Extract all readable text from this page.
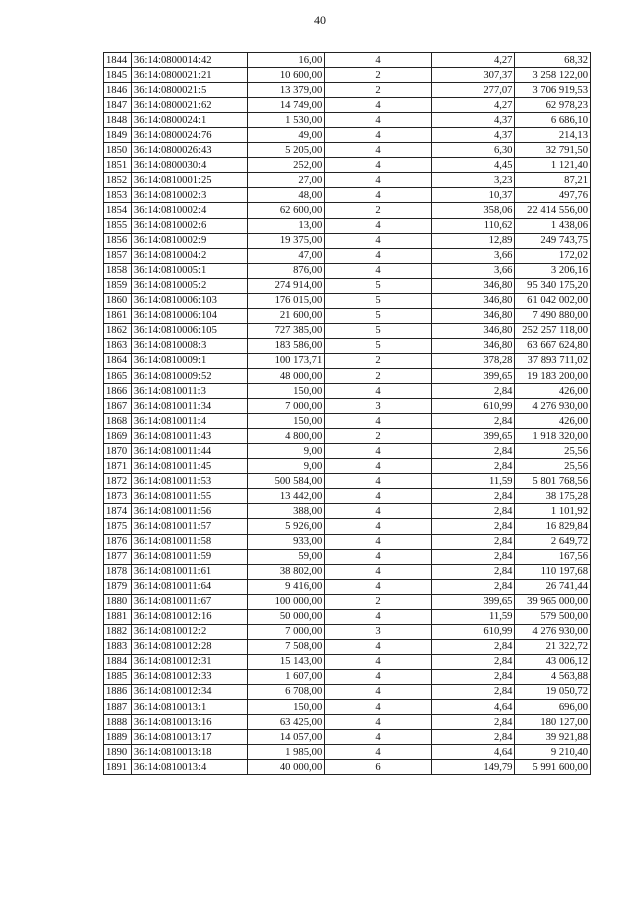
40
1844	36:14:0800014:42	16,00	4	4,27	68,32
1845	36:14:0800021:21	10 600,00	2	307,37	3 258 122,00
1846	36:14:0800021:5	13 379,00	2	277,07	3 706 919,53
1847	36:14:0800021:62	14 749,00	4	4,27	62 978,23
1848	36:14:0800024:1	1 530,00	4	4,37	6 686,10
1849	36:14:0800024:76	49,00	4	4,37	214,13
1850	36:14:0800026:43	5 205,00	4	6,30	32 791,50
1851	36:14:0800030:4	252,00	4	4,45	1 121,40
1852	36:14:0810001:25	27,00	4	3,23	87,21
1853	36:14:0810002:3	48,00	4	10,37	497,76
1854	36:14:0810002:4	62 600,00	2	358,06	22 414 556,00
1855	36:14:0810002:6	13,00	4	110,62	1 438,06
1856	36:14:0810002:9	19 375,00	4	12,89	249 743,75
1857	36:14:0810004:2	47,00	4	3,66	172,02
1858	36:14:0810005:1	876,00	4	3,66	3 206,16
1859	36:14:0810005:2	274 914,00	5	346,80	95 340 175,20
1860	36:14:0810006:103	176 015,00	5	346,80	61 042 002,00
1861	36:14:0810006:104	21 600,00	5	346,80	7 490 880,00
1862	36:14:0810006:105	727 385,00	5	346,80	252 257 118,00
1863	36:14:0810008:3	183 586,00	5	346,80	63 667 624,80
1864	36:14:0810009:1	100 173,71	2	378,28	37 893 711,02
1865	36:14:0810009:52	48 000,00	2	399,65	19 183 200,00
1866	36:14:0810011:3	150,00	4	2,84	426,00
1867	36:14:0810011:34	7 000,00	3	610,99	4 276 930,00
1868	36:14:0810011:4	150,00	4	2,84	426,00
1869	36:14:0810011:43	4 800,00	2	399,65	1 918 320,00
1870	36:14:0810011:44	9,00	4	2,84	25,56
1871	36:14:0810011:45	9,00	4	2,84	25,56
1872	36:14:0810011:53	500 584,00	4	11,59	5 801 768,56
1873	36:14:0810011:55	13 442,00	4	2,84	38 175,28
1874	36:14:0810011:56	388,00	4	2,84	1 101,92
1875	36:14:0810011:57	5 926,00	4	2,84	16 829,84
1876	36:14:0810011:58	933,00	4	2,84	2 649,72
1877	36:14:0810011:59	59,00	4	2,84	167,56
1878	36:14:0810011:61	38 802,00	4	2,84	110 197,68
1879	36:14:0810011:64	9 416,00	4	2,84	26 741,44
1880	36:14:0810011:67	100 000,00	2	399,65	39 965 000,00
1881	36:14:0810012:16	50 000,00	4	11,59	579 500,00
1882	36:14:0810012:2	7 000,00	3	610,99	4 276 930,00
1883	36:14:0810012:28	7 508,00	4	2,84	21 322,72
1884	36:14:0810012:31	15 143,00	4	2,84	43 006,12
1885	36:14:0810012:33	1 607,00	4	2,84	4 563,88
1886	36:14:0810012:34	6 708,00	4	2,84	19 050,72
1887	36:14:0810013:1	150,00	4	4,64	696,00
1888	36:14:0810013:16	63 425,00	4	2,84	180 127,00
1889	36:14:0810013:17	14 057,00	4	2,84	39 921,88
1890	36:14:0810013:18	1 985,00	4	4,64	9 210,40
1891	36:14:0810013:4	40 000,00	6	149,79	5 991 600,00
